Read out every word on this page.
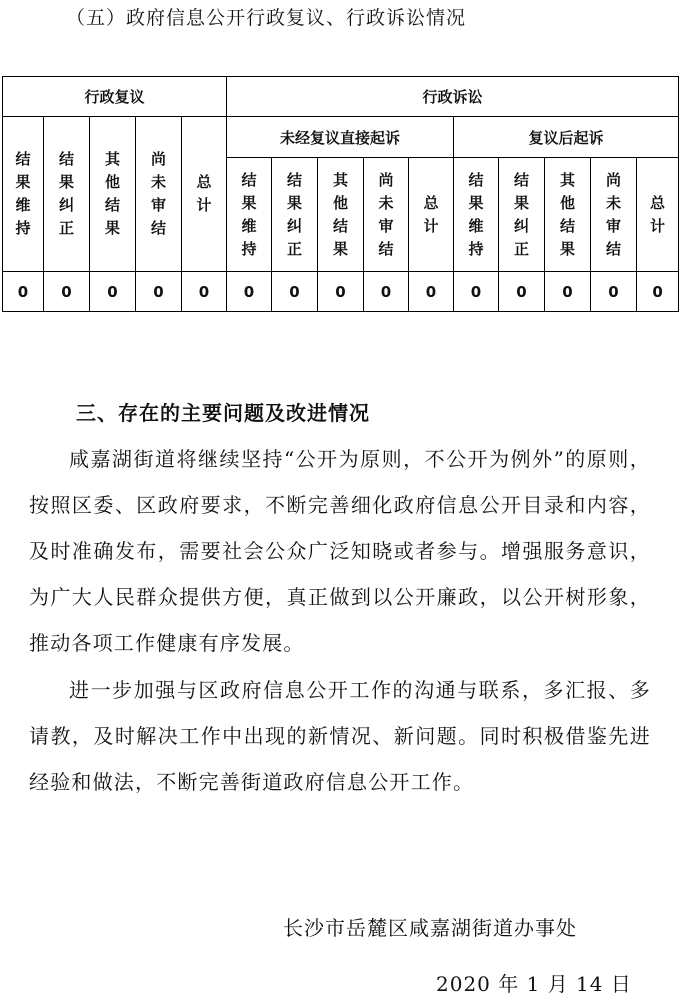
（五）政府信息公开行政复议、行政诉讼情况
行政复议					行政诉讼									
结果维持	结果纠正	其他结果	尚未审结	总计	未经复议直接起诉					复议后起诉				
					结果维持	结果纠正	其他结果	尚未审结	总计	结果维持	结果纠正	其他结果	尚未审结	总计
0	0	0	0	0	0	0	0	0	0	0	0	0	0	0
三、存在的主要问题及改进情况

咸嘉湖街道将继续坚持“公开为原则，不公开为例外”的原则，按照区委、区政府要求，不断完善细化政府信息公开目录和内容，及时准确发布，需要社会公众广泛知晓或者参与。增强服务意识，为广大人民群众提供方便，真正做到以公开廉政，以公开树形象，推动各项工作健康有序发展。

进一步加强与区政府信息公开工作的沟通与联系，多汇报、多请教，及时解决工作中出现的新情况、新问题。同时积极借鉴先进经验和做法，不断完善街道政府信息公开工作。

长沙市岳麓区咸嘉湖街道办事处
2020 年 1 月 14 日
